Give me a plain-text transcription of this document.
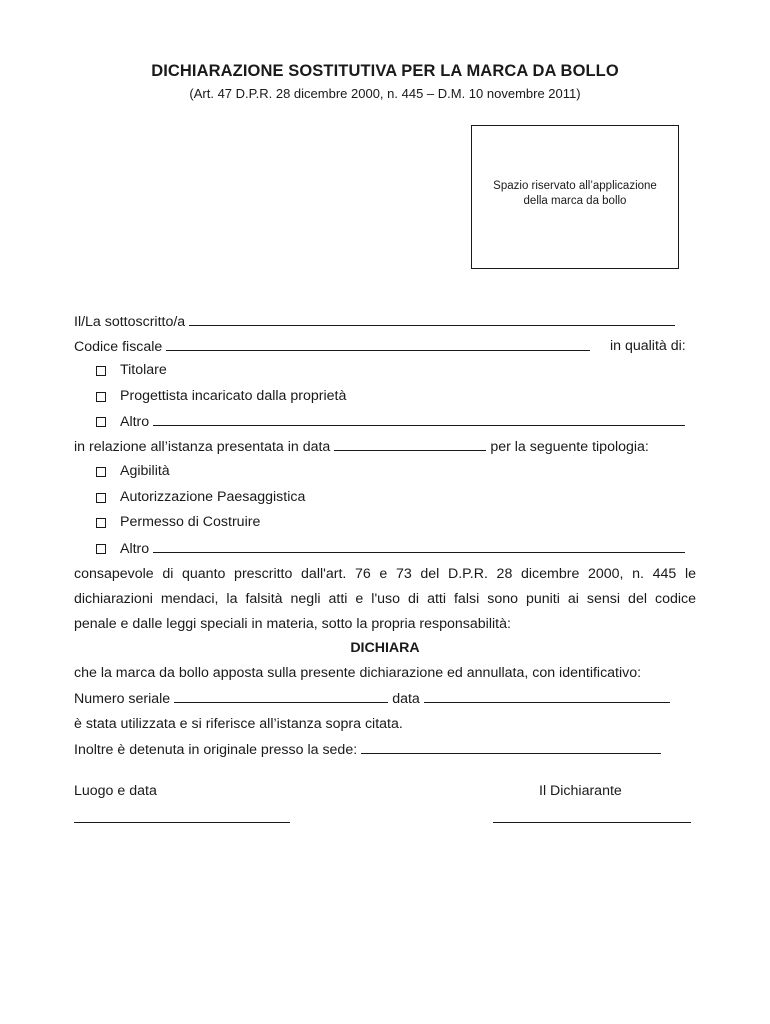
DICHIARAZIONE SOSTITUTIVA PER LA MARCA DA BOLLO
(Art. 47 D.P.R. 28 dicembre 2000, n. 445 – D.M. 10 novembre 2011)
Spazio riservato all’applicazione
della marca da bollo
Il/La sottoscritto/a
Codice fiscale	in qualità di:
Titolare
Progettista incaricato dalla proprietà
Altro
in relazione all’istanza presentata in data	per la seguente tipologia:
Agibilità
Autorizzazione Paesaggistica
Permesso di Costruire
Altro
consapevole di quanto prescritto dall'art. 76 e 73 del D.P.R. 28 dicembre 2000, n. 445 le
dichiarazioni mendaci, la falsità negli atti e l'uso di atti falsi sono puniti ai sensi del codice
penale e dalle leggi speciali in materia, sotto la propria responsabilità:
DICHIARA
che la marca da bollo apposta sulla presente dichiarazione ed annullata, con identificativo:
Numero seriale	data
è stata utilizzata e si riferisce all’istanza sopra citata.
Inoltre è detenuta in originale presso la sede:
Luogo e data	Il Dichiarante
